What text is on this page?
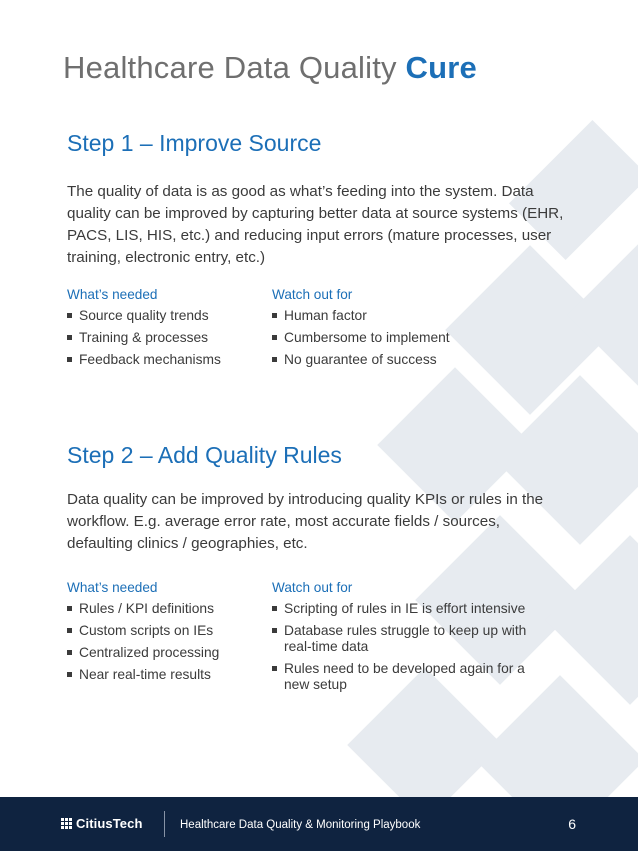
Healthcare Data Quality Cure
Step 1 – Improve Source

The quality of data is as good as what’s feeding into the system. Data quality can be improved by capturing better data at source systems (EHR, PACS, LIS, HIS, etc.) and reducing input errors (mature processes, user training, electronic entry, etc.)

What’s needed

Source quality trends
Training & processes
Feedback mechanisms

Watch out for

Human factor
Cumbersome to implement
No guarantee of success
Step 2 – Add Quality Rules

Data quality can be improved by introducing quality KPIs or rules in the workflow. E.g. average error rate, most accurate fields / sources, defaulting clinics / geographies, etc.

What’s needed

Rules / KPI definitions
Custom scripts on IEs
Centralized processing
Near real-time results

Watch out for

Scripting of rules in IE is effort intensive
Database rules struggle to keep up with real-time data
Rules need to be developed again for a new setup
CitiusTech	Healthcare Data Quality & Monitoring Playbook	6
